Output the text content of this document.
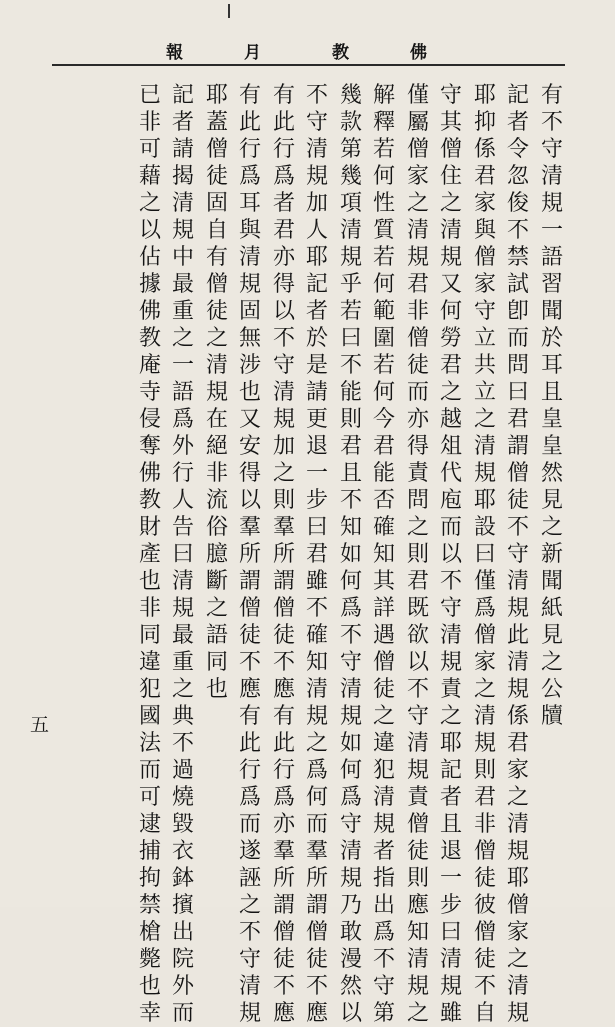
佛
教
月
報
有
不
守
清
規
一
語
習
聞
於
耳
且
皇
皇
然
見
之
新
聞
紙
見
之
公
牘
記
者
令
忽
俊
不
禁
試
卽
而
問
曰
君
謂
僧
徒
不
守
清
規
此
清
規
係
君
家
之
清
規
耶
僧
家
之
清
規
耶
抑
係
君
家
與
僧
家
守
立
共
立
之
清
規
耶
設
曰
僅
爲
僧
家
之
清
規
則
君
非
僧
徒
彼
僧
徒
不
自
守
其
僧
住
之
清
規
又
何
勞
君
之
越
俎
代
庖
而
以
不
守
清
規
責
之
耶
記
者
且
退
一
步
曰
清
規
雖
僅
屬
僧
家
之
清
規
君
非
僧
徒
而
亦
得
責
問
之
則
君
既
欲
以
不
守
清
規
責
僧
徒
則
應
知
清
規
之
解
釋
若
何
性
質
若
何
範
圍
若
何
今
君
能
否
確
知
其
詳
遇
僧
徒
之
違
犯
清
規
者
指
出
爲
不
守
第
幾
款
第
幾
項
清
規
乎
若
曰
不
能
則
君
且
不
知
如
何
爲
不
守
清
規
如
何
爲
守
清
規
乃
敢
漫
然
以
不
守
清
規
加
人
耶
記
者
於
是
請
更
退
一
步
曰
君
雖
不
確
知
清
規
之
爲
何
而
羣
所
謂
僧
徒
不
應
有
此
行
爲
者
君
亦
得
以
不
守
清
規
加
之
則
羣
所
謂
僧
徒
不
應
有
此
行
爲
亦
羣
所
謂
僧
徒
不
應
有
此
行
爲
耳
與
清
規
固
無
涉
也
又
安
得
以
羣
所
謂
僧
徒
不
應
有
此
行
爲
而
遂
誣
之
不
守
清
規
耶
蓋
僧
徒
固
自
有
僧
徒
之
清
規
在
絕
非
流
俗
臆
斷
之
語
同
也
記
者
請
揭
清
規
中
最
重
之
一
語
爲
外
行
人
告
曰
清
規
最
重
之
典
不
過
燒
毀
衣
鉢
擯
出
院
外
而
已
非
可
藉
之
以
佔
據
佛
教
庵
寺
侵
奪
佛
教
財
產
也
非
同
違
犯
國
法
而
可
逮
捕
拘
禁
槍
斃
也
幸
五
